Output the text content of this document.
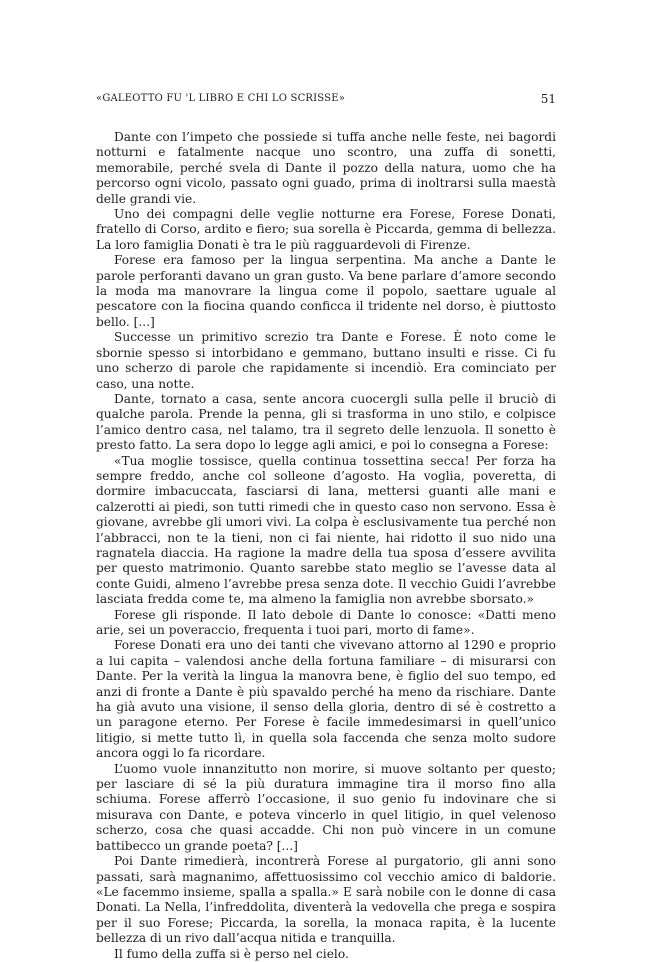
«GALEOTTO FU 'L LIBRO E CHI LO SCRISSE»	51

Dante con l’impeto che possiede si tuffa anche nelle feste, nei bagordi notturni e fatalmente nacque uno scontro, una zuffa di sonetti, memorabile, perché svela di Dante il pozzo della natura, uomo che ha percorso ogni vicolo, passato ogni guado, prima di inoltrarsi sulla maestà delle grandi vie.

Uno dei compagni delle veglie notturne era Forese, Forese Donati, fratello di Corso, ardito e fiero; sua sorella è Piccarda, gemma di bellezza. La loro famiglia Donati è tra le più ragguardevoli di Firenze.

Forese era famoso per la lingua serpentina. Ma anche a Dante le parole perforanti davano un gran gusto. Va bene parlare d’amore secondo la moda ma manovrare la lingua come il popolo, saettare uguale al pescatore con la fiocina quando conficca il tridente nel dorso, è piuttosto bello. [...]

Successe un primitivo screzio tra Dante e Forese. È noto come le sbornie spesso si intorbidano e gemmano, buttano insulti e risse. Ci fu uno scherzo di parole che rapidamente si incendiò. Era cominciato per caso, una notte.

Dante, tornato a casa, sente ancora cuocergli sulla pelle il bruciò di qualche parola. Prende la penna, gli si trasforma in uno stilo, e colpisce l’amico dentro casa, nel talamo, tra il segreto delle lenzuola. Il sonetto è presto fatto. La sera dopo lo legge agli amici, e poi lo consegna a Forese:

«Tua moglie tossisce, quella continua tossettina secca! Per forza ha sempre freddo, anche col solleone d’agosto. Ha voglia, poveretta, di dormire imbacuccata, fasciarsi di lana, mettersi guanti alle mani e calzerotti ai piedi, son tutti rimedi che in questo caso non servono. Essa è giovane, avrebbe gli umori vivi. La colpa è esclusivamente tua perché non l’abbracci, non te la tieni, non ci fai niente, hai ridotto il suo nido una ragnatela diaccia. Ha ragione la madre della tua sposa d’essere avvilita per questo matrimonio. Quanto sarebbe stato meglio se l’avesse data al conte Guidi, almeno l’avrebbe presa senza dote. Il vecchio Guidi l’avrebbe lasciata fredda come te, ma almeno la famiglia non avrebbe sborsato.»

Forese gli risponde. Il lato debole di Dante lo conosce: «Datti meno arie, sei un poveraccio, frequenta i tuoi pari, morto di fame».

Forese Donati era uno dei tanti che vivevano attorno al 1290 e proprio a lui capita – valendosi anche della fortuna familiare – di misurarsi con Dante. Per la verità la lingua la manovra bene, è figlio del suo tempo, ed anzi di fronte a Dante è più spavaldo perché ha meno da rischiare. Dante ha già avuto una visione, il senso della gloria, dentro di sé è costretto a un paragone eterno. Per Forese è facile immedesimarsi in quell’unico litigio, si mette tutto lì, in quella sola faccenda che senza molto sudore ancora oggi lo fa ricordare.

L’uomo vuole innanzitutto non morire, si muove soltanto per questo; per lasciare di sé la più duratura immagine tira il morso fino alla schiuma. Forese afferrò l’occasione, il suo genio fu indovinare che si misurava con Dante, e poteva vincerlo in quel litigio, in quel velenoso scherzo, cosa che quasi accadde. Chi non può vincere in un comune battibecco un grande poeta? [...]

Poi Dante rimedierà, incontrerà Forese al purgatorio, gli anni sono passati, sarà magnanimo, affettuosissimo col vecchio amico di baldorie. «Le facemmo insieme, spalla a spalla.» E sarà nobile con le donne di casa Donati. La Nella, l’infreddolita, diventerà la vedovella che prega e sospira per il suo Forese; Piccarda, la sorella, la monaca rapita, è la lucente bellezza di un rivo dall’acqua nitida e tranquilla.

Il fumo della zuffa si è perso nel cielo.
